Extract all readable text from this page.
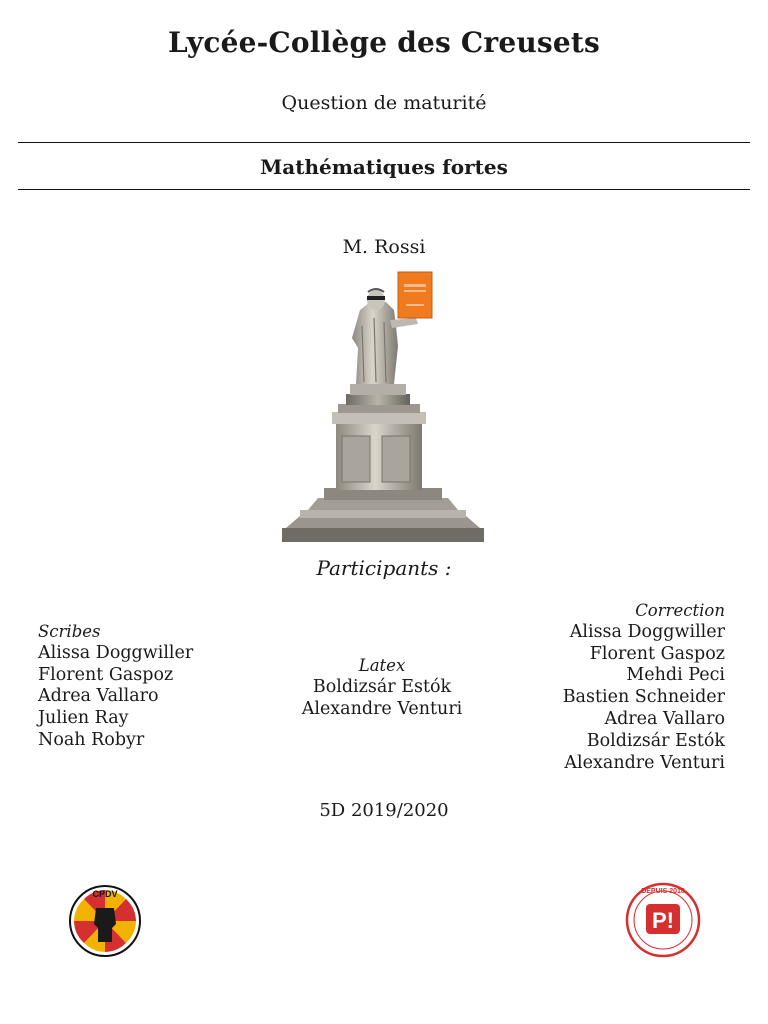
Lycée-Collège des Creusets
Question de maturité
Mathématiques fortes
M. Rossi
Participants :
Scribes
Alissa Doggwiller
Florent Gaspoz
Adrea Vallaro
Julien Ray
Noah Robyr
Latex
Boldizsár Estók
Alexandre Venturi
Correction
Alissa Doggwiller
Florent Gaspoz
Mehdi Peci
Bastien Schneider
Adrea Vallaro
Boldizsár Estók
Alexandre Venturi
5D 2019/2020
CPDV	DEPUIS 2018
P!
